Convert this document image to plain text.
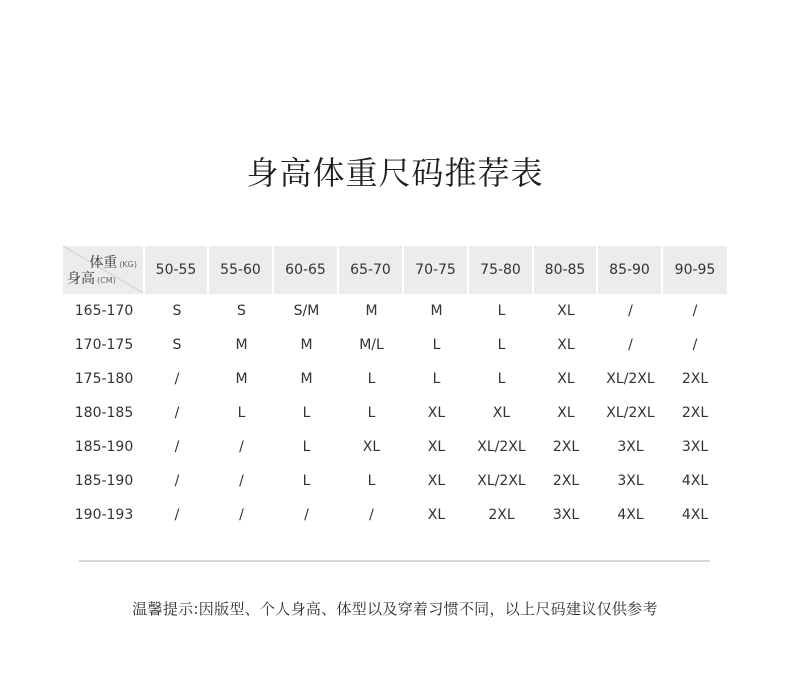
身高体重尺码推荐表
体重 (KG)
身高 (CM)	50-55	55-60	60-65	65-70	70-75	75-80	80-85	85-90	90-95
165-170	S	S	S/M	M	M	L	XL	/	/
170-175	S	M	M	M/L	L	L	XL	/	/
175-180	/	M	M	L	L	L	XL	XL/2XL	2XL
180-185	/	L	L	L	XL	XL	XL	XL/2XL	2XL
185-190	/	/	L	XL	XL	XL/2XL	2XL	3XL	3XL
185-190	/	/	L	L	XL	XL/2XL	2XL	3XL	4XL
190-193	/	/	/	/	XL	2XL	3XL	4XL	4XL
温馨提示:因版型、个人身高、体型以及穿着习惯不同，以上尺码建议仅供参考
